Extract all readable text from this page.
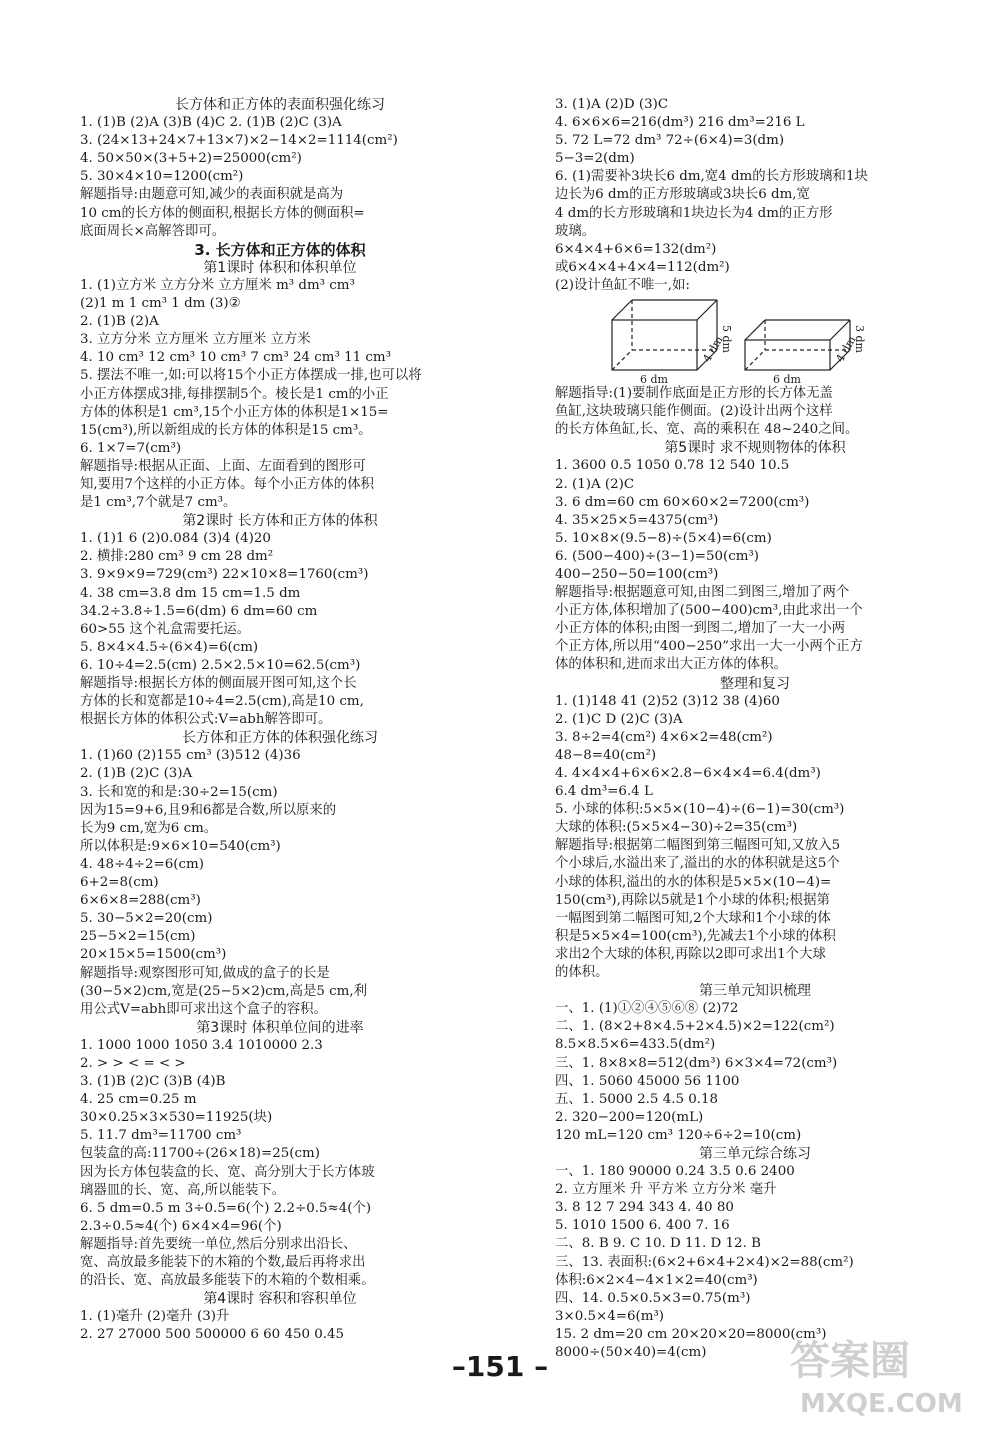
长方体和正方体的表面积强化练习
1. (1)B (2)A (3)B (4)C 2. (1)B (2)C (3)A
3. (24×13+24×7+13×7)×2−14×2=1114(cm²)
4. 50×50×(3+5+2)=25000(cm²)
5. 30×4×10=1200(cm²)
解题指导:由题意可知,减少的表面积就是高为
10 cm的长方体的侧面积,根据长方体的侧面积=
底面周长×高解答即可。
3. 长方体和正方体的体积
第1课时 体积和体积单位
1. (1)立方米 立方分米 立方厘米 m³ dm³ cm³
(2)1 m 1 cm³ 1 dm (3)②
2. (1)B (2)A
3. 立方分米 立方厘米 立方厘米 立方米
4. 10 cm³ 12 cm³ 10 cm³ 7 cm³ 24 cm³ 11 cm³
5. 摆法不唯一,如:可以将15个小正方体摆成一排,也可以将
小正方体摆成3排,每排摆制5个。棱长是1 cm的小正
方体的体积是1 cm³,15个小正方体的体积是1×15=
15(cm³),所以新组成的长方体的体积是15 cm³。
6. 1×7=7(cm³)
解题指导:根据从正面、上面、左面看到的图形可
知,要用7个这样的小正方体。每个小正方体的体积
是1 cm³,7个就是7 cm³。
第2课时 长方体和正方体的体积
1. (1)1 6 (2)0.084 (3)4 (4)20
2. 横排:280 cm³ 9 cm 28 dm²
3. 9×9×9=729(cm³) 22×10×8=1760(cm³)
4. 38 cm=3.8 dm 15 cm=1.5 dm
34.2÷3.8÷1.5=6(dm) 6 dm=60 cm
60>55 这个礼盒需要托运。
5. 8×4×4.5÷(6×4)=6(cm)
6. 10÷4=2.5(cm) 2.5×2.5×10=62.5(cm³)
解题指导:根据长方体的侧面展开图可知,这个长
方体的长和宽都是10÷4=2.5(cm),高是10 cm,
根据长方体的体积公式:V=abh解答即可。
长方体和正方体的体积强化练习
1. (1)60 (2)155 cm³ (3)512 (4)36
2. (1)B (2)C (3)A
3. 长和宽的和是:30÷2=15(cm)
因为15=9+6,且9和6都是合数,所以原来的
长为9 cm,宽为6 cm。
所以体积是:9×6×10=540(cm³)
4. 48÷4÷2=6(cm)
6+2=8(cm)
6×6×8=288(cm³)
5. 30−5×2=20(cm)
25−5×2=15(cm)
20×15×5=1500(cm³)
解题指导:观察图形可知,做成的盒子的长是
(30−5×2)cm,宽是(25−5×2)cm,高是5 cm,利
用公式V=abh即可求出这个盒子的容积。
第3课时 体积单位间的进率
1. 1000 1000 1050 3.4 1010000 2.3
2. > > < = < >
3. (1)B (2)C (3)B (4)B
4. 25 cm=0.25 m
30×0.25×3×530=11925(块)
5. 11.7 dm³=11700 cm³
包装盒的高:11700÷(26×18)=25(cm)
因为长方体包装盒的长、宽、高分别大于长方体玻
璃器皿的长、宽、高,所以能装下。
6. 5 dm=0.5 m 3÷0.5=6(个) 2.2÷0.5≈4(个)
2.3÷0.5≈4(个) 6×4×4=96(个)
解题指导:首先要统一单位,然后分别求出沿长、
宽、高放最多能装下的木箱的个数,最后再将求出
的沿长、宽、高放最多能装下的木箱的个数相乘。
第4课时 容积和容积单位
1. (1)毫升 (2)毫升 (3)升
2. 27 27000 500 500000 6 60 450 0.45
3. (1)A (2)D (3)C
4. 6×6×6=216(dm³) 216 dm³=216 L
5. 72 L=72 dm³ 72÷(6×4)=3(dm)
5−3=2(dm)
6. (1)需要补3块长6 dm,宽4 dm的长方形玻璃和1块
边长为6 dm的正方形玻璃或3块长6 dm,宽
4 dm的长方形玻璃和1块边长为4 dm的正方形
玻璃。
6×4×4+6×6=132(dm²)
或6×4×4+4×4=112(dm²)
(2)设计鱼缸不唯一,如:
6 dm
4 dm
5 dm
6 dm
4 dm
3 dm
解题指导:(1)要制作底面是正方形的长方体无盖
鱼缸,这块玻璃只能作侧面。(2)设计出两个这样
的长方体鱼缸,长、宽、高的乘积在 48~240之间。
第5课时 求不规则物体的体积
1. 3600 0.5 1050 0.78 12 540 10.5
2. (1)A (2)C
3. 6 dm=60 cm 60×60×2=7200(cm³)
4. 35×25×5=4375(cm³)
5. 10×8×(9.5−8)÷(5×4)=6(cm)
6. (500−400)÷(3−1)=50(cm³)
400−250−50=100(cm³)
解题指导:根据题意可知,由图二到图三,增加了两个
小正方体,体积增加了(500−400)cm³,由此求出一个
小正方体的体积;由图一到图二,增加了一大一小两
个正方体,所以用“400−250”求出一大一小两个正方
体的体积和,进而求出大正方体的体积。
整理和复习
1. (1)148 41 (2)52 (3)12 38 (4)60
2. (1)C D (2)C (3)A
3. 8÷2=4(cm²) 4×6×2=48(cm²)
48−8=40(cm²)
4. 4×4×4+6×6×2.8−6×4×4=6.4(dm³)
6.4 dm³=6.4 L
5. 小球的体积:5×5×(10−4)÷(6−1)=30(cm³)
大球的体积:(5×5×4−30)÷2=35(cm³)
解题指导:根据第二幅图到第三幅图可知,又放入5
个小球后,水溢出来了,溢出的水的体积就是这5个
小球的体积,溢出的水的体积是5×5×(10−4)=
150(cm³),再除以5就是1个小球的体积;根据第
一幅图到第二幅图可知,2个大球和1个小球的体
积是5×5×4=100(cm³),先减去1个小球的体积
求出2个大球的体积,再除以2即可求出1个大球
的体积。
第三单元知识梳理
一、1. (1)①②④⑤⑥⑧ (2)72
二、1. (8×2+8×4.5+2×4.5)×2=122(cm²)
8.5×8.5×6=433.5(dm²)
三、1. 8×8×8=512(dm³) 6×3×4=72(cm³)
四、1. 5060 45000 56 1100
五、1. 5000 2.5 4.5 0.18
2. 320−200=120(mL)
120 mL=120 cm³ 120÷6÷2=10(cm)
第三单元综合练习
一、1. 180 90000 0.24 3.5 0.6 2400
2. 立方厘米 升 平方米 立方分米 毫升
3. 8 12 7 294 343 4. 40 80
5. 1010 1500 6. 400 7. 16
二、8. B 9. C 10. D 11. D 12. B
三、13. 表面积:(6×2+6×4+2×4)×2=88(cm²)
体积:6×2×4−4×1×2=40(cm³)
四、14. 0.5×0.5×3=0.75(m³)
3×0.5×4=6(m³)
15. 2 dm=20 cm 20×20×20=8000(cm³)
8000÷(50×40)=4(cm)
–151 –	答案圈
MXQE.COM
